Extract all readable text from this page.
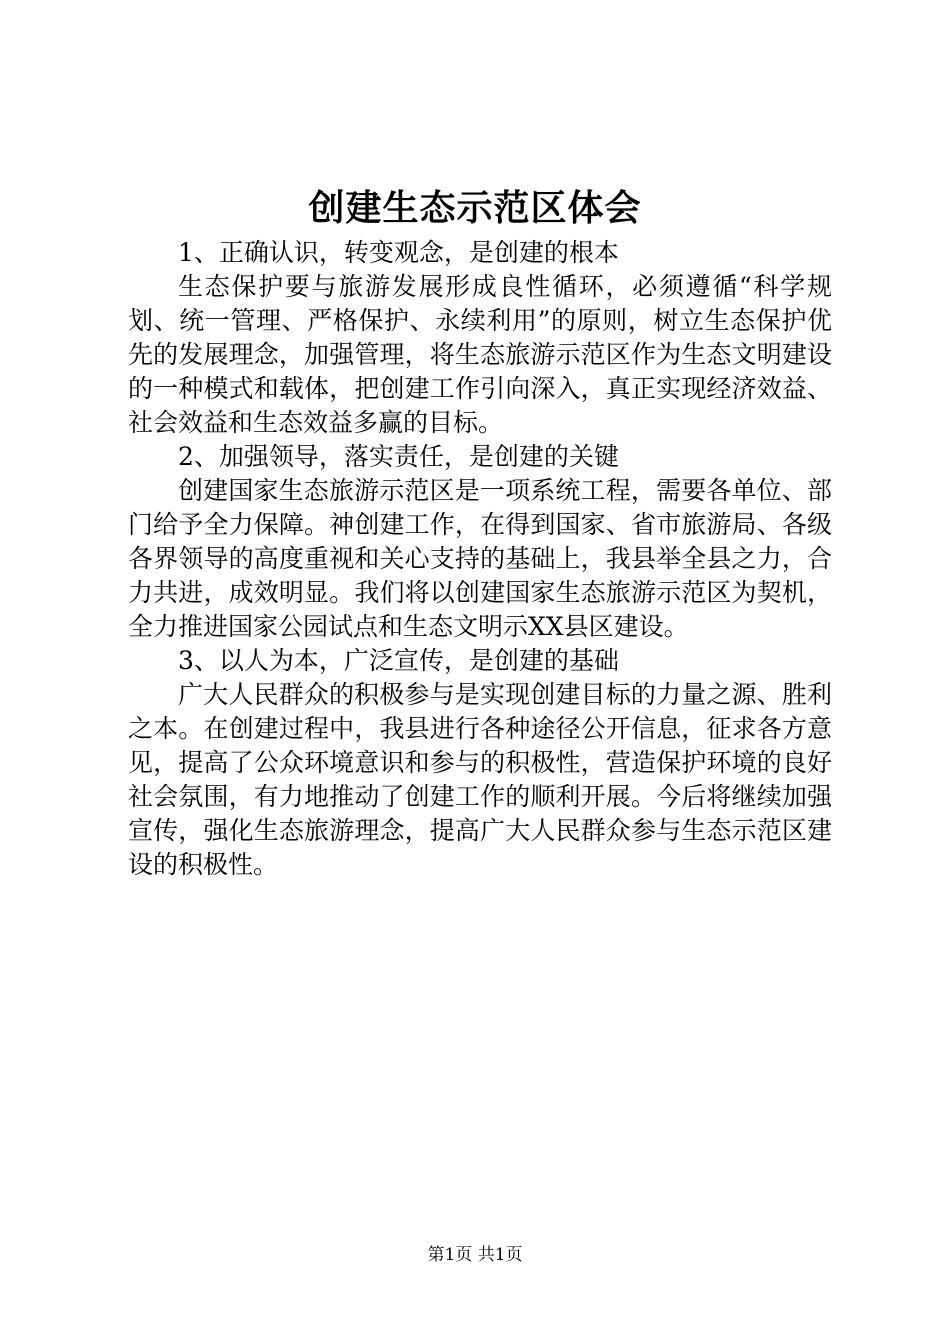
创建生态示范区体会

1、正确认识，转变观念，是创建的根本

生态保护要与旅游发展形成良性循环，必须遵循“科学规划、统一管理、严格保护、永续利用”的原则，树立生态保护优先的发展理念，加强管理，将生态旅游示范区作为生态文明建设的一种模式和载体，把创建工作引向深入，真正实现经济效益、社会效益和生态效益多赢的目标。

2、加强领导，落实责任，是创建的关键

创建国家生态旅游示范区是一项系统工程，需要各单位、部门给予全力保障。神创建工作，在得到国家、省市旅游局、各级各界领导的高度重视和关心支持的基础上，我县举全县之力，合力共进，成效明显。我们将以创建国家生态旅游示范区为契机，全力推进国家公园试点和生态文明示XX县区建设。

3、以人为本，广泛宣传，是创建的基础

广大人民群众的积极参与是实现创建目标的力量之源、胜利之本。在创建过程中，我县进行各种途径公开信息，征求各方意见，提高了公众环境意识和参与的积极性，营造保护环境的良好社会氛围，有力地推动了创建工作的顺利开展。今后将继续加强宣传，强化生态旅游理念，提高广大人民群众参与生态示范区建设的积极性。

第1页 共1页
